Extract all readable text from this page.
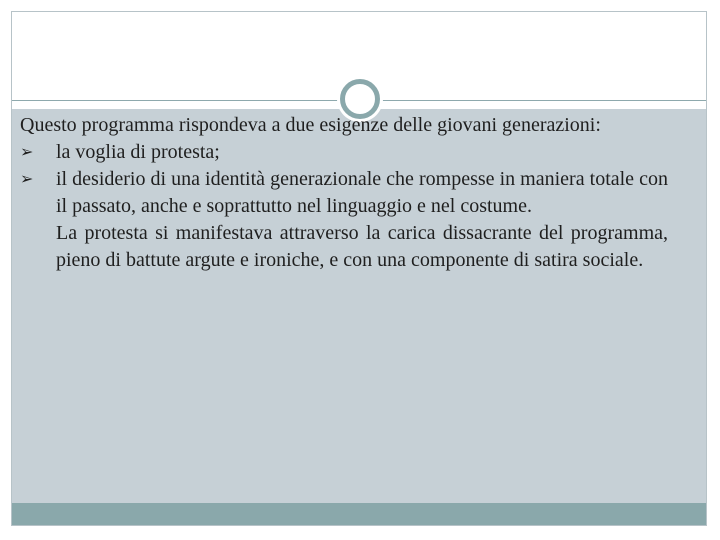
Questo programma rispondeva a due esigenze delle giovani generazioni:

➢	la voglia di protesta;

➢	il desiderio di una identità generazionale che rompesse in maniera totale con il passato, anche e soprattutto nel linguaggio e nel costume.

La protesta si manifestava attraverso la carica dissacrante del programma, pieno di battute argute e ironiche, e con una componente di satira sociale.
